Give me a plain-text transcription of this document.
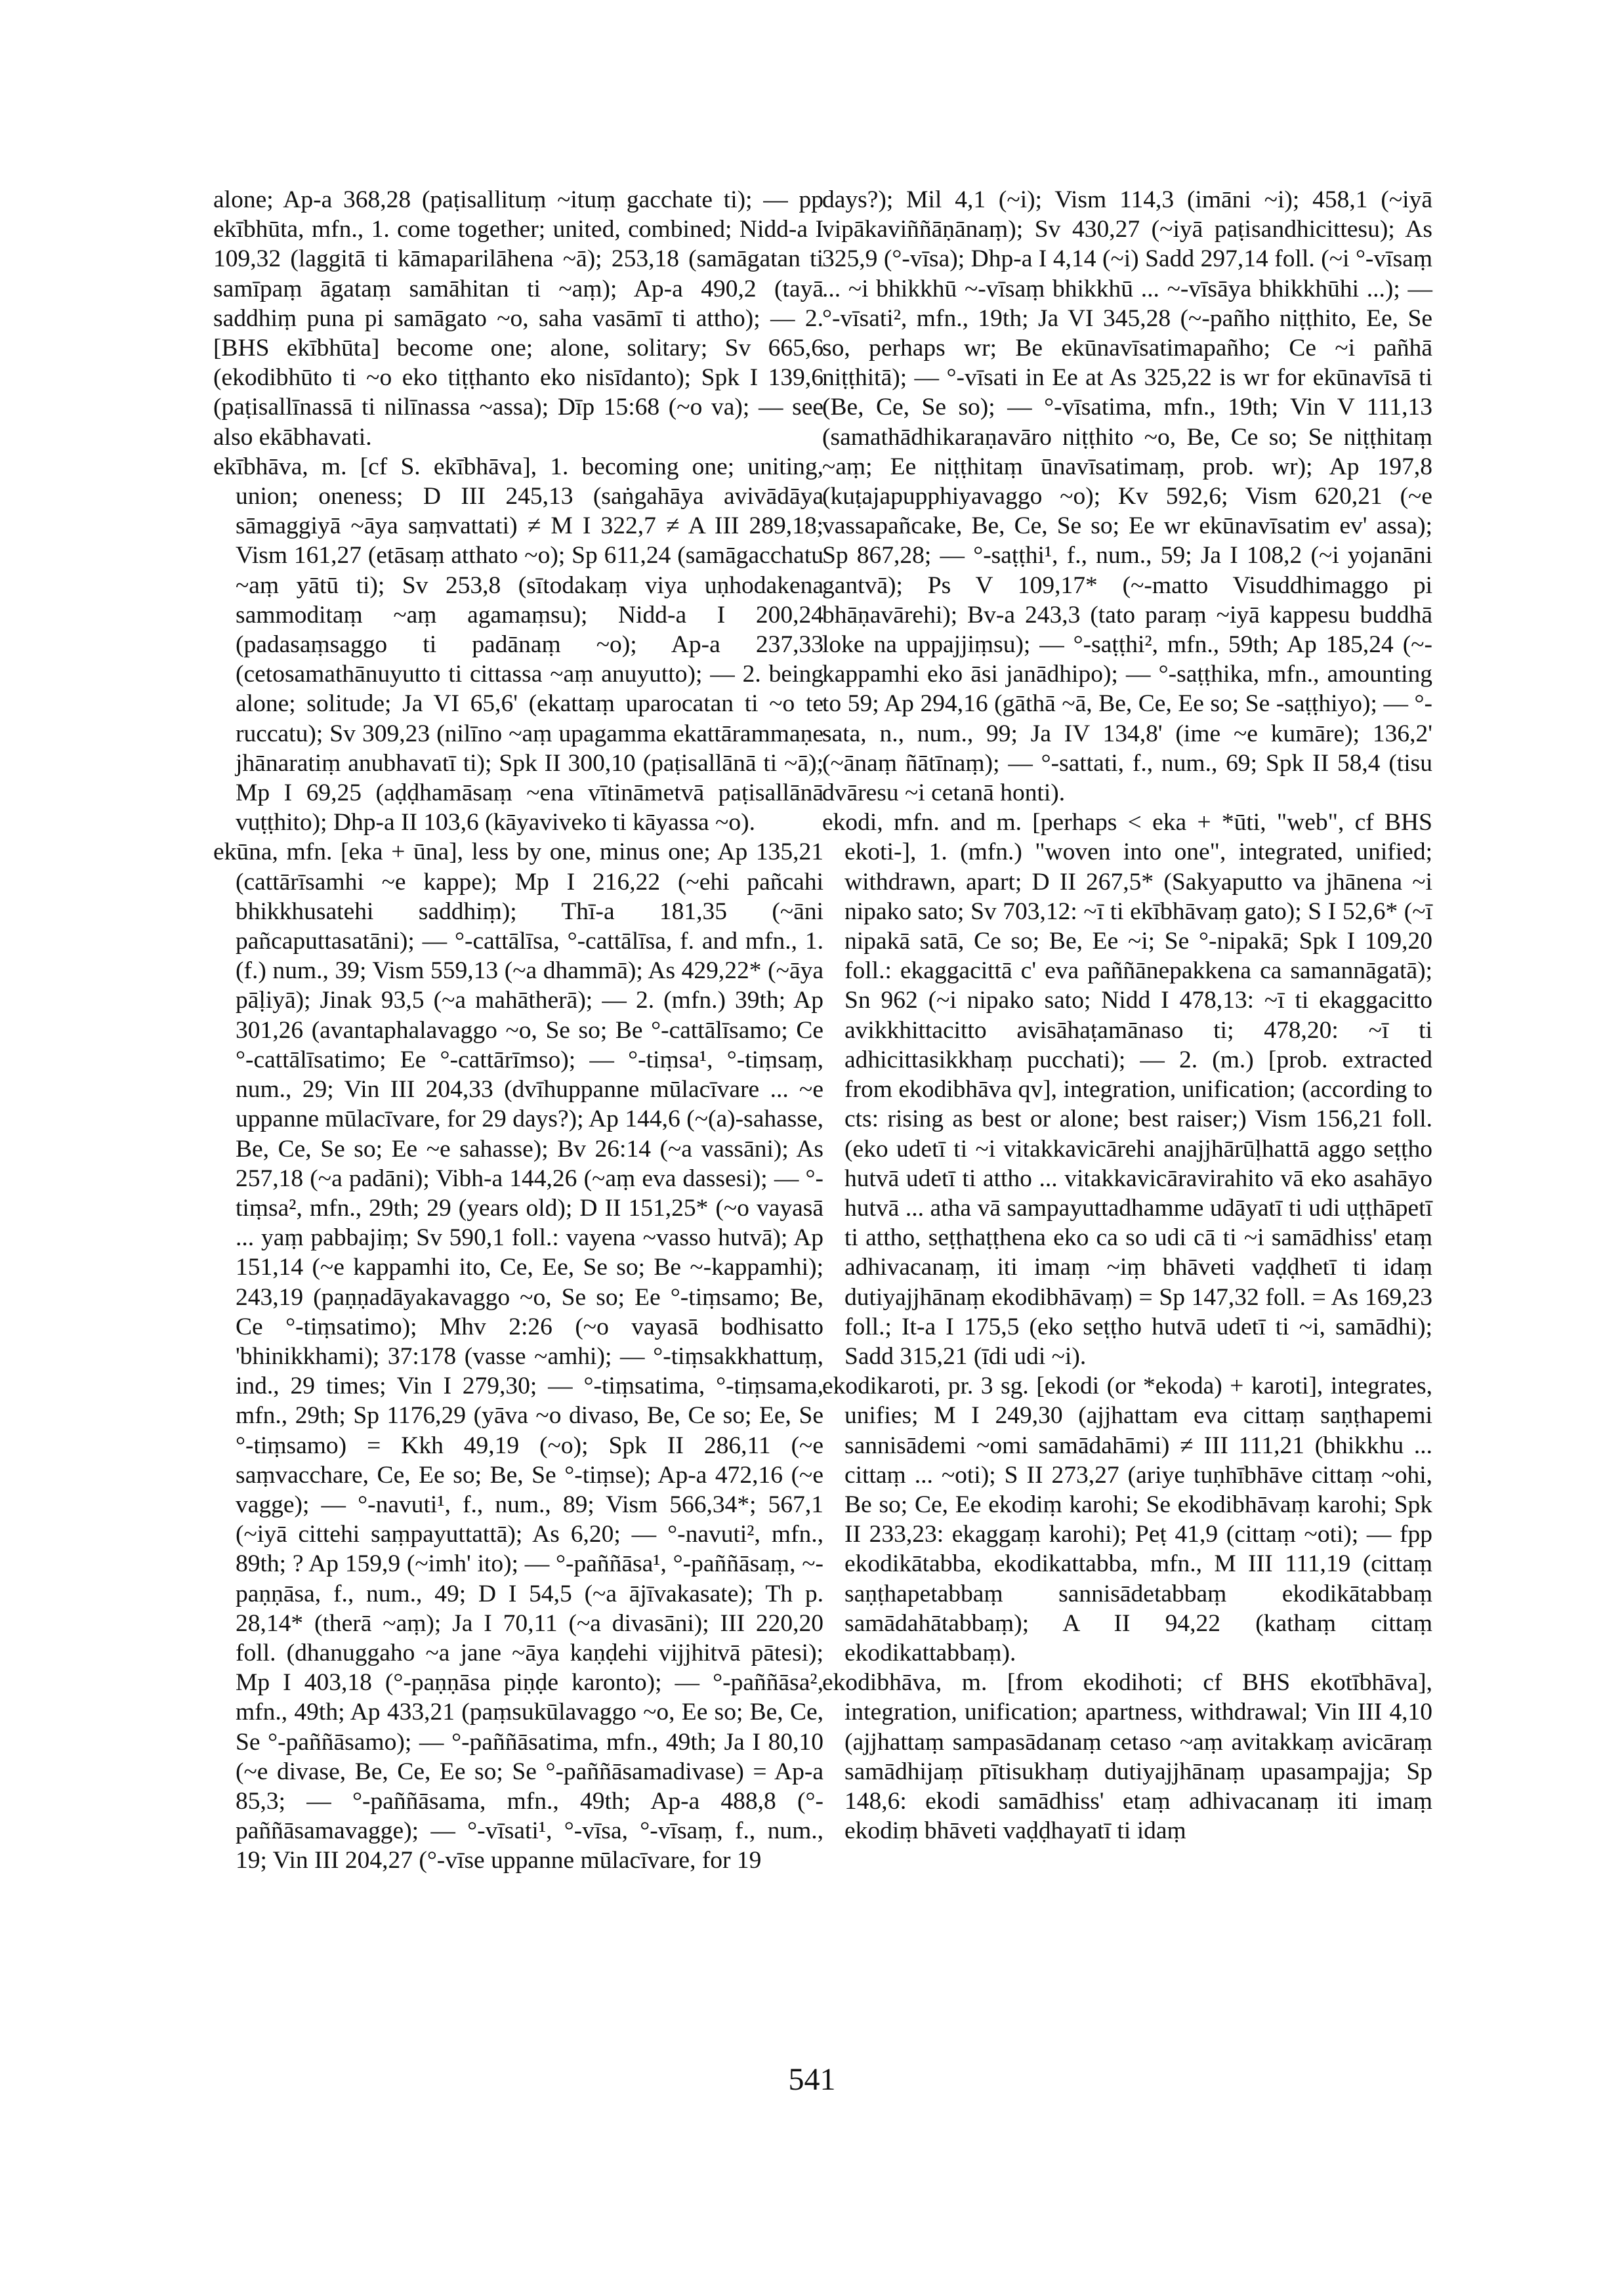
alone; Ap-a 368,28 (paṭisallituṃ ~ituṃ gacchate ti); — pp ekībhūta, mfn., 1. come together; united, combined; Nidd-a I 109,32 (laggitā ti kāmaparilāhena ~ā); 253,18 (samāgatan ti samīpaṃ āgataṃ samāhitan ti ~aṃ); Ap-a 490,2 (tayā saddhiṃ puna pi samāgato ~o, saha vasāmī ti attho); — 2. [BHS ekībhūta] become one; alone, solitary; Sv 665,6 (ekodibhūto ti ~o eko tiṭṭhanto eko nisīdanto); Spk I 139,6 (paṭisallīnassā ti nilīnassa ~assa); Dīp 15:68 (~o va); — see also ekābhavati.

ekībhāva, m. [cf S. ekībhāva], 1. becoming one; uniting, union; oneness; D III 245,13 (saṅgahāya avivādāya sāmaggiyā ~āya saṃvattati) ≠ M I 322,7 ≠ A III 289,18; Vism 161,27 (etāsaṃ atthato ~o); Sp 611,24 (samāgacchatu ~aṃ yātū ti); Sv 253,8 (sītodakaṃ viya uṇhodakena sammoditaṃ ~aṃ agamaṃsu); Nidd-a I 200,24 (padasaṃsaggo ti padānaṃ ~o); Ap-a 237,33 (cetosamathānuyutto ti cittassa ~aṃ anuyutto); — 2. being alone; solitude; Ja VI 65,6' (ekattaṃ uparocatan ti ~o te ruccatu); Sv 309,23 (nilīno ~aṃ upagamma ekattārammaṇe jhānaratiṃ anubhavatī ti); Spk II 300,10 (paṭisallānā ti ~ā); Mp I 69,25 (aḍḍhamāsaṃ ~ena vītināmetvā paṭisallānā vuṭṭhito); Dhp-a II 103,6 (kāyaviveko ti kāyassa ~o).

ekūna, mfn. [eka + ūna], less by one, minus one; Ap 135,21 (cattārīsamhi ~e kappe); Mp I 216,22 (~ehi pañcahi bhikkhusatehi saddhiṃ); Thī-a 181,35 (~āni pañcaputtasatāni); — °-cattālīsa, °-cattālīsa, f. and mfn., 1. (f.) num., 39; Vism 559,13 (~a dhammā); As 429,22* (~āya pāḷiyā); Jinak 93,5 (~a mahātherā); — 2. (mfn.) 39th; Ap 301,26 (avantaphalavaggo ~o, Se so; Be °-cattālīsamo; Ce °-cattālīsatimo; Ee °-cattārīmso); — °-tiṃsa¹, °-tiṃsaṃ, num., 29; Vin III 204,33 (dvīhuppanne mūlacīvare ... ~e uppanne mūlacīvare, for 29 days?); Ap 144,6 (~(a)-sahasse, Be, Ce, Se so; Ee ~e sahasse); Bv 26:14 (~a vassāni); As 257,18 (~a padāni); Vibh-a 144,26 (~aṃ eva dassesi); — °-tiṃsa², mfn., 29th; 29 (years old); D II 151,25* (~o vayasā ... yaṃ pabbajiṃ; Sv 590,1 foll.: vayena ~vasso hutvā); Ap 151,14 (~e kappamhi ito, Ce, Ee, Se so; Be ~-kappamhi); 243,19 (paṇṇadāyakavaggo ~o, Se so; Ee °-tiṃsamo; Be, Ce °-tiṃsatimo); Mhv 2:26 (~o vayasā bodhisatto 'bhinikkhami); 37:178 (vasse ~amhi); — °-tiṃsakkhattuṃ, ind., 29 times; Vin I 279,30; — °-tiṃsatima, °-tiṃsama, mfn., 29th; Sp 1176,29 (yāva ~o divaso, Be, Ce so; Ee, Se °-tiṃsamo) = Kkh 49,19 (~o); Spk II 286,11 (~e saṃvacchare, Ce, Ee so; Be, Se °-tiṃse); Ap-a 472,16 (~e vagge); — °-navuti¹, f., num., 89; Vism 566,34*; 567,1 (~iyā cittehi saṃpayuttattā); As 6,20; — °-navuti², mfn., 89th; ? Ap 159,9 (~imh' ito); — °-paññāsa¹, °-paññāsaṃ, ~-paṇṇāsa, f., num., 49; D I 54,5 (~a ājīvakasate); Th p. 28,14* (therā ~aṃ); Ja I 70,11 (~a divasāni); III 220,20 foll. (dhanuggaho ~a jane ~āya kaṇḍehi vijjhitvā pātesi); Mp I 403,18 (°-paṇṇāsa piṇḍe karonto); — °-paññāsa², mfn., 49th; Ap 433,21 (paṃsukūlavaggo ~o, Ee so; Be, Ce, Se °-paññāsamo); — °-paññāsatima, mfn., 49th; Ja I 80,10 (~e divase, Be, Ce, Ee so; Se °-paññāsamadivase) = Ap-a 85,3; — °-paññāsama, mfn., 49th; Ap-a 488,8 (°-paññāsamavagge); — °-vīsati¹, °-vīsa, °-vīsaṃ, f., num., 19; Vin III 204,27 (°-vīse uppanne mūlacīvare, for 19

days?); Mil 4,1 (~i); Vism 114,3 (imāni ~i); 458,1 (~iyā vipākaviññāṇānaṃ); Sv 430,27 (~iyā paṭisandhicittesu); As 325,9 (°-vīsa); Dhp-a I 4,14 (~i) Sadd 297,14 foll. (~i °-vīsaṃ ... ~i bhikkhū ~-vīsaṃ bhikkhū ... ~-vīsāya bhikkhūhi ...); — °-vīsati², mfn., 19th; Ja VI 345,28 (~-pañho niṭṭhito, Ee, Se so, perhaps wr; Be ekūnavīsatimapañho; Ce ~i pañhā niṭṭhitā); — °-vīsati in Ee at As 325,22 is wr for ekūnavīsā ti (Be, Ce, Se so); — °-vīsatima, mfn., 19th; Vin V 111,13 (samathādhikaraṇavāro niṭṭhito ~o, Be, Ce so; Se niṭṭhitaṃ ~aṃ; Ee niṭṭhitaṃ ūnavīsatimaṃ, prob. wr); Ap 197,8 (kuṭajapupphiyavaggo ~o); Kv 592,6; Vism 620,21 (~e vassapañcake, Be, Ce, Se so; Ee wr ekūnavīsatim ev' assa); Sp 867,28; — °-saṭṭhi¹, f., num., 59; Ja I 108,2 (~i yojanāni gantvā); Ps V 109,17* (~-matto Visuddhimaggo pi bhāṇavārehi); Bv-a 243,3 (tato paraṃ ~iyā kappesu buddhā loke na uppajjiṃsu); — °-saṭṭhi², mfn., 59th; Ap 185,24 (~-kappamhi eko āsi janādhipo); — °-saṭṭhika, mfn., amounting to 59; Ap 294,16 (gāthā ~ā, Be, Ce, Ee so; Se -saṭṭhiyo); — °-sata, n., num., 99; Ja IV 134,8' (ime ~e kumāre); 136,2' (~ānaṃ ñātīnaṃ); — °-sattati, f., num., 69; Spk II 58,4 (tisu dvāresu ~i cetanā honti).

ekodi, mfn. and m. [perhaps < eka + *ūti, "web", cf BHS ekoti-], 1. (mfn.) "woven into one", integrated, unified; withdrawn, apart; D II 267,5* (Sakyaputto va jhānena ~i nipako sato; Sv 703,12: ~ī ti ekībhāvaṃ gato); S I 52,6* (~ī nipakā satā, Ce so; Be, Ee ~i; Se °-nipakā; Spk I 109,20 foll.: ekaggacittā c' eva paññānepakkena ca samannāgatā); Sn 962 (~i nipako sato; Nidd I 478,13: ~ī ti ekaggacitto avikkhittacitto avisāhaṭamānaso ti; 478,20: ~ī ti adhicittasikkhaṃ pucchati); — 2. (m.) [prob. extracted from ekodibhāva qv], integration, unification; (according to cts: rising as best or alone; best raiser;) Vism 156,21 foll. (eko udetī ti ~i vitakkavicārehi anajjhārūḷhattā aggo seṭṭho hutvā udetī ti attho ... vitakkavicāravirahito vā eko asahāyo hutvā ... atha vā sampayuttadhamme udāyatī ti udi uṭṭhāpetī ti attho, seṭṭhaṭṭhena eko ca so udi cā ti ~i samādhiss' etaṃ adhivacanaṃ, iti imaṃ ~iṃ bhāveti vaḍḍhetī ti idaṃ dutiyajjhānaṃ ekodibhāvaṃ) = Sp 147,32 foll. = As 169,23 foll.; It-a I 175,5 (eko seṭṭho hutvā udetī ti ~i, samādhi); Sadd 315,21 (īdi udi ~i).

ekodikaroti, pr. 3 sg. [ekodi (or *ekoda) + karoti], integrates, unifies; M I 249,30 (ajjhattam eva cittaṃ saṇṭhapemi sannisādemi ~omi samādahāmi) ≠ III 111,21 (bhikkhu ... cittaṃ ... ~oti); S II 273,27 (ariye tuṇhībhāve cittaṃ ~ohi, Be so; Ce, Ee ekodiṃ karohi; Se ekodibhāvaṃ karohi; Spk II 233,23: ekaggaṃ karohi); Peṭ 41,9 (cittaṃ ~oti); — fpp ekodikātabba, ekodikattabba, mfn., M III 111,19 (cittaṃ saṇṭhapetabbaṃ sannisādetabbaṃ ekodikātabbaṃ samādahātabbaṃ); A II 94,22 (kathaṃ cittaṃ ekodikattabbaṃ).

ekodibhāva, m. [from ekodihoti; cf BHS ekotībhāva], integration, unification; apartness, withdrawal; Vin III 4,10 (ajjhattaṃ sampasādanaṃ cetaso ~aṃ avitakkaṃ avicāraṃ samādhijaṃ pītisukhaṃ dutiyajjhānaṃ upasampajja; Sp 148,6: ekodi samādhiss' etaṃ adhivacanaṃ iti imaṃ ekodiṃ bhāveti vaḍḍhayatī ti idaṃ

541
